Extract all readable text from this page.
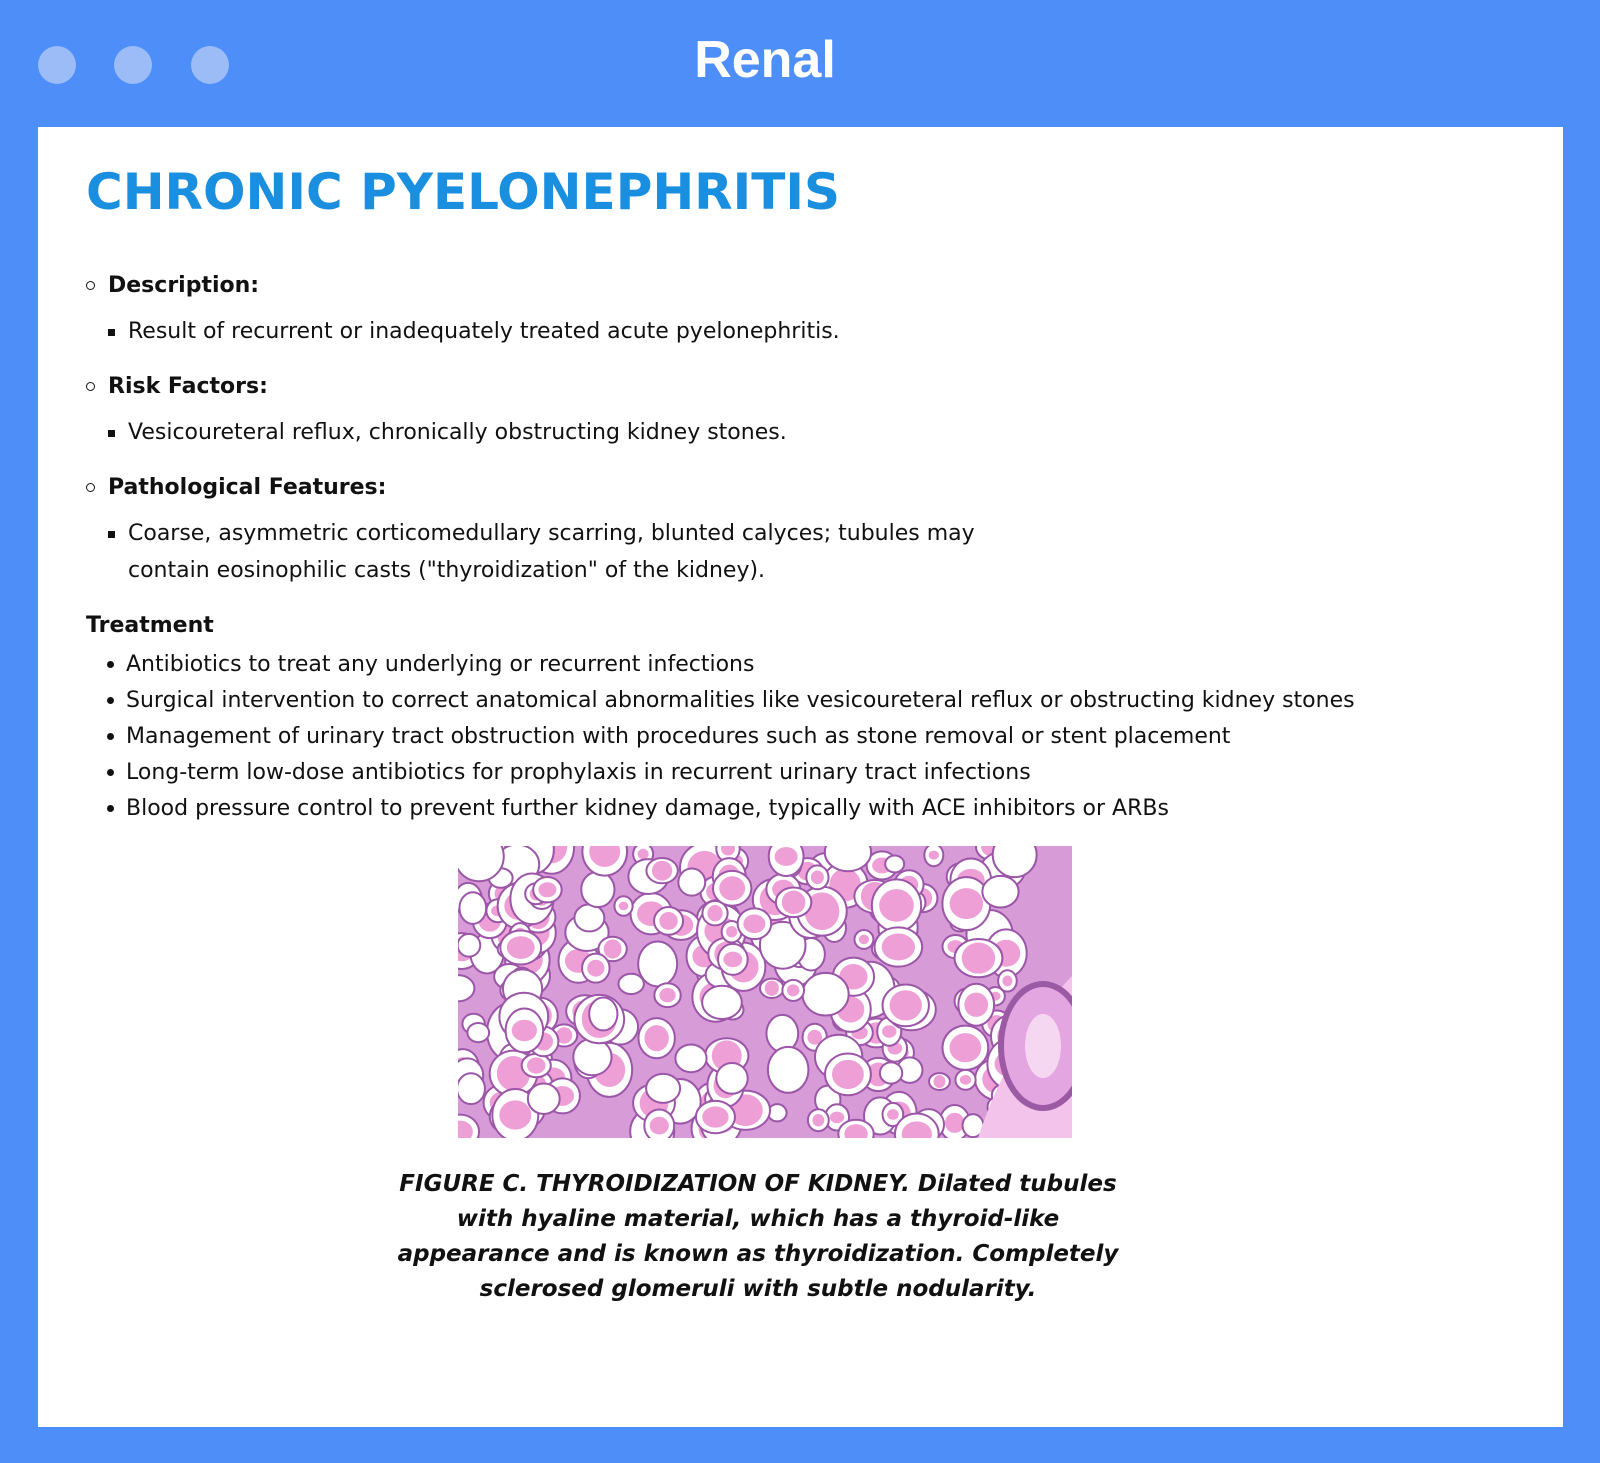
Renal
CHRONIC PYELONEPHRITIS
Description:
Result of recurrent or inadequately treated acute pyelonephritis.
Risk Factors:
Vesicoureteral reflux, chronically obstructing kidney stones.
Pathological Features:
Coarse, asymmetric corticomedullary scarring, blunted calyces; tubules may contain eosinophilic casts ("thyroidization" of the kidney).
Treatment
Antibiotics to treat any underlying or recurrent infections
Surgical intervention to correct anatomical abnormalities like vesicoureteral reflux or obstructing kidney stones
Management of urinary tract obstruction with procedures such as stone removal or stent placement
Long-term low-dose antibiotics for prophylaxis in recurrent urinary tract infections
Blood pressure control to prevent further kidney damage, typically with ACE inhibitors or ARBs
FIGURE C. THYROIDIZATION OF KIDNEY. Dilated tubules with hyaline material, which has a thyroid-like appearance and is known as thyroidization. Completely sclerosed glomeruli with subtle nodularity.
